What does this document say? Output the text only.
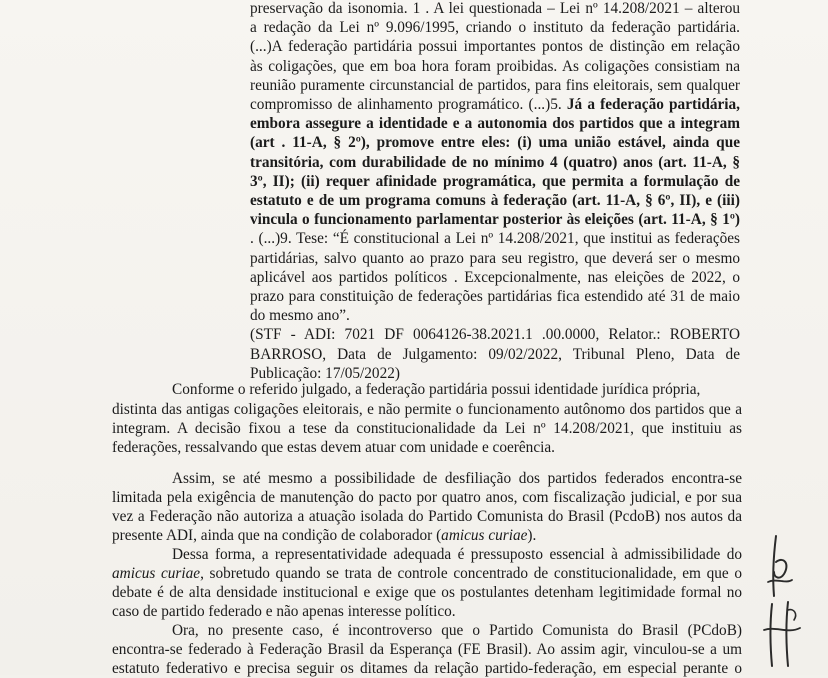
preservação da isonomia. 1 . A lei questionada – Lei nº 14.208/2021 – alterou
a redação da Lei nº 9.096/1995, criando o instituto da federação partidária.
(...)A federação partidária possui importantes pontos de distinção em relação
às coligações, que em boa hora foram proibidas. As coligações consistiam na
reunião puramente circunstancial de partidos, para fins eleitorais, sem qualquer
compromisso de alinhamento programático. (...)5. Já a federação partidária,
embora assegure a identidade e a autonomia dos partidos que a integram
(art . 11-A, § 2º), promove entre eles: (i) uma união estável, ainda que
transitória, com durabilidade de no mínimo 4 (quatro) anos (art. 11-A, §
3º, II); (ii) requer afinidade programática, que permita a formulação de
estatuto e de um programa comuns à federação (art. 11-A, § 6º, II), e (iii)
vincula o funcionamento parlamentar posterior às eleições (art. 11-A, § 1º)
. (...)9. Tese: “É constitucional a Lei nº 14.208/2021, que institui as federações
partidárias, salvo quanto ao prazo para seu registro, que deverá ser o mesmo
aplicável aos partidos políticos . Excepcionalmente, nas eleições de 2022, o
prazo para constituição de federações partidárias fica estendido até 31 de maio
do mesmo ano”.
(STF - ADI: 7021 DF 0064126-38.2021.1 .00.0000, Relator.: ROBERTO
BARROSO, Data de Julgamento: 09/02/2022, Tribunal Pleno, Data de
Publicação: 17/05/2022)
Conforme o referido julgado, a federação partidária possui identidade jurídica própria,
distinta das antigas coligações eleitorais, e não permite o funcionamento autônomo dos partidos que a
integram. A decisão fixou a tese da constitucionalidade da Lei nº 14.208/2021, que instituiu as
federações, ressalvando que estas devem atuar com unidade e coerência.
Assim, se até mesmo a possibilidade de desfiliação dos partidos federados encontra-se
limitada pela exigência de manutenção do pacto por quatro anos, com fiscalização judicial, e por sua
vez a Federação não autoriza a atuação isolada do Partido Comunista do Brasil (PcdoB) nos autos da
presente ADI, ainda que na condição de colaborador (amicus curiae).
Dessa forma, a representatividade adequada é pressuposto essencial à admissibilidade do
amicus curiae, sobretudo quando se trata de controle concentrado de constitucionalidade, em que o
debate é de alta densidade institucional e exige que os postulantes detenham legitimidade formal no
caso de partido federado e não apenas interesse político.
Ora, no presente caso, é incontroverso que o Partido Comunista do Brasil (PCdoB)
encontra-se federado à Federação Brasil da Esperança (FE Brasil). Ao assim agir, vinculou-se a um
estatuto federativo e precisa seguir os ditames da relação partido-federação, em especial perante o
